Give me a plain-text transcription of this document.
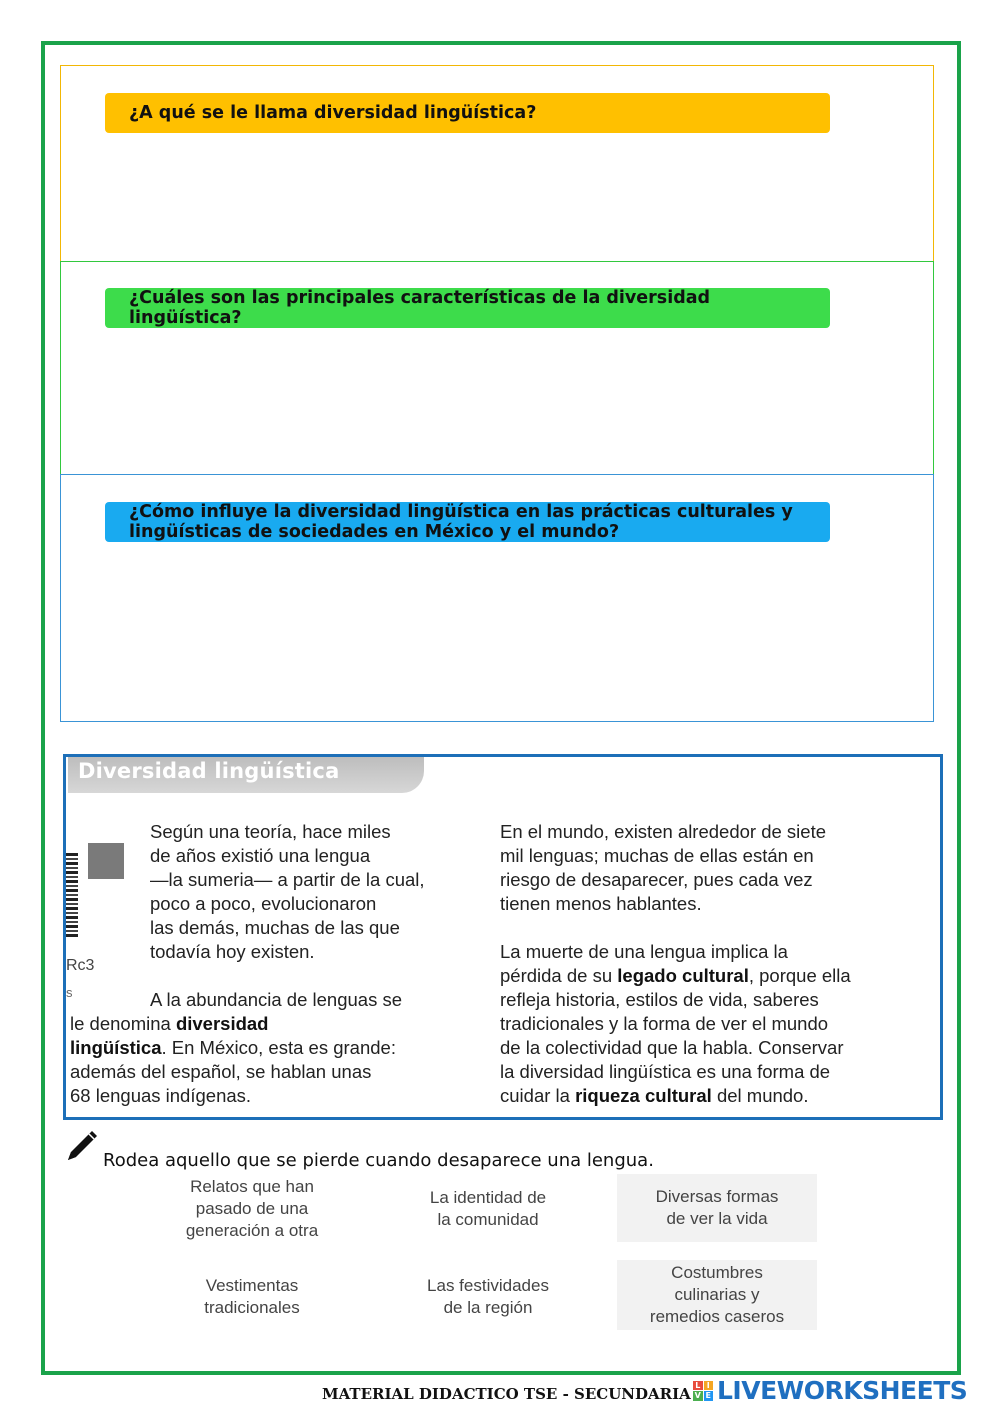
¿A qué se le llama diversidad lingüística?
¿Cuáles son las principales características de la diversidad lingüística?
¿Cómo influye la diversidad lingüística en las prácticas culturales y lingüísticas de sociedades en México y el mundo?
Diversidad lingüística
Rc3
s

Según una teoría, hace miles
de años existió una lengua
—la sumeria— a partir de la cual,
poco a poco, evolucionaron
las demás, muchas de las que
todavía hoy existen.

A la abundancia de lenguas se
le denomina diversidad
lingüística. En México, esta es grande:
además del español, se hablan unas
68 lenguas indígenas.

En el mundo, existen alrededor de siete
mil lenguas; muchas de ellas están en
riesgo de desaparecer, pues cada vez
tienen menos hablantes.

La muerte de una lengua implica la
pérdida de su legado cultural, porque ella
refleja historia, estilos de vida, saberes
tradicionales y la forma de ver el mundo
de la colectividad que la habla. Conservar
la diversidad lingüística es una forma de
cuidar la riqueza cultural del mundo.

Rodea aquello que se pierde cuando desaparece una lengua.
Relatos que han
pasado de una
generación a otra
La identidad de
la comunidad
Diversas formas
de ver la vida
Vestimentas
tradicionales
Las festividades
de la región
Costumbres
culinarias y
remedios caseros
MATERIAL DIDACTICO TSE - SECUNDARIA L I
V E LIVEWORKSHEETS
